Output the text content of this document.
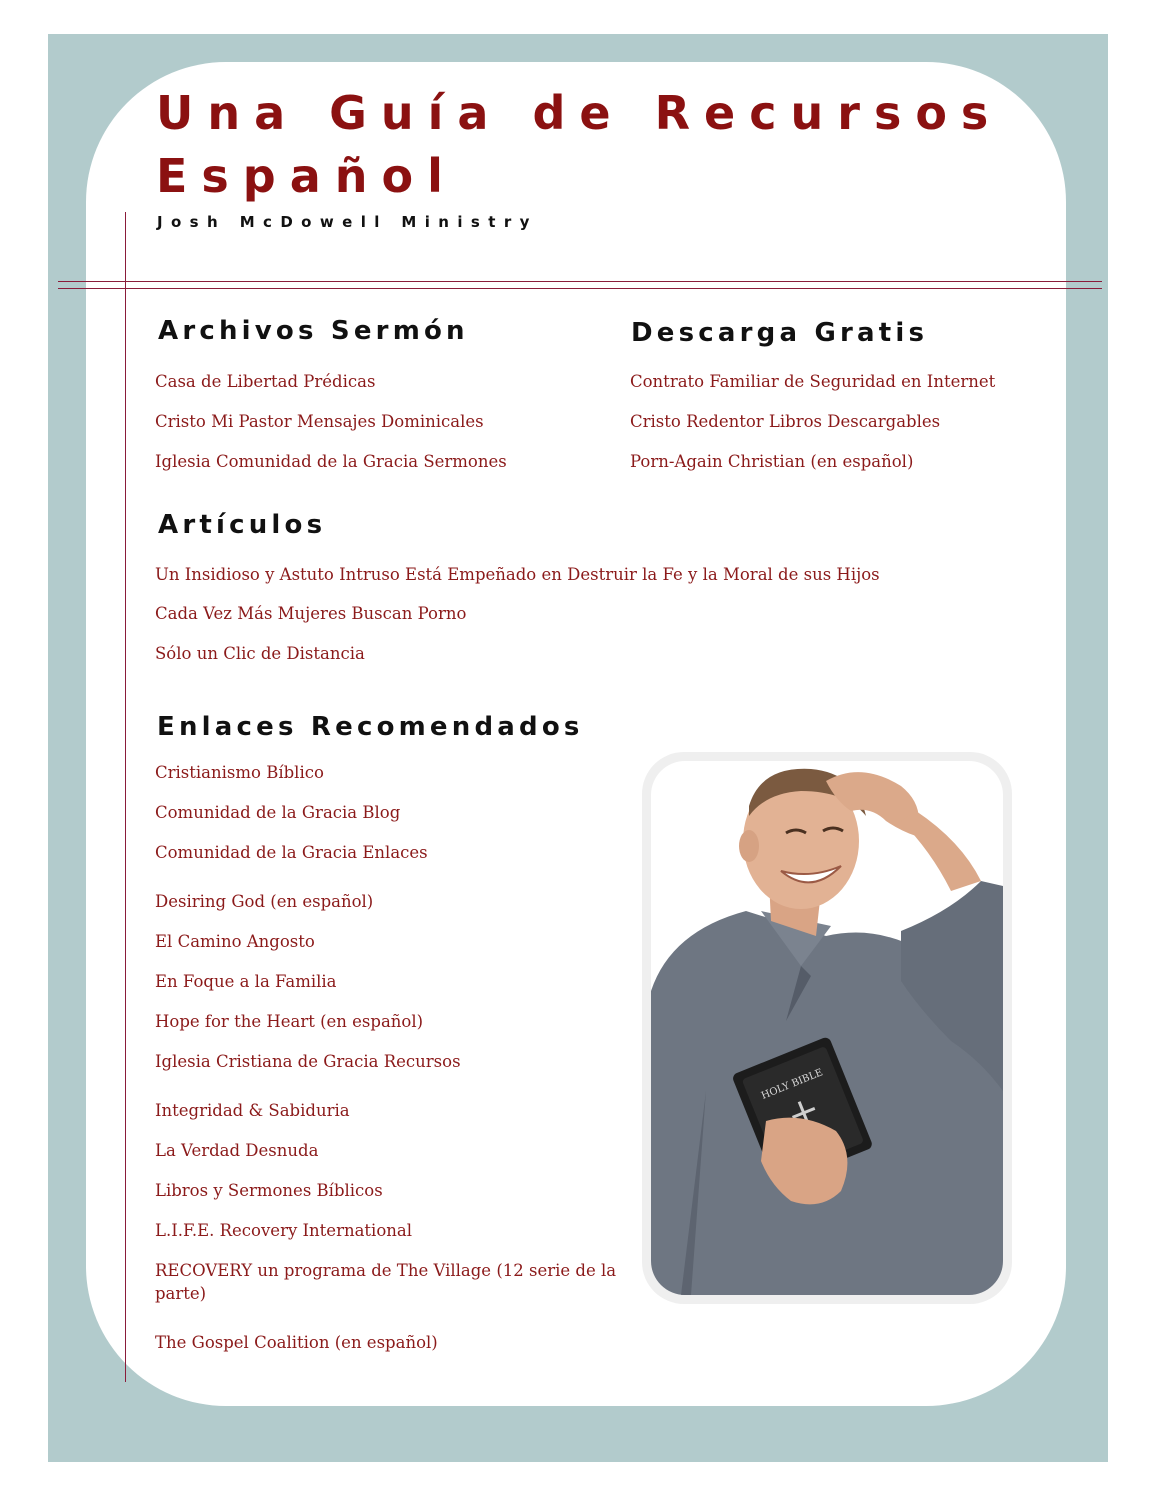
Una Guía de Recursos
Español
Josh McDowell Ministry
Archivos Sermón
Casa de Libertad Prédicas
Cristo Mi Pastor Mensajes Dominicales
Iglesia Comunidad de la Gracia Sermones
Descarga Gratis
Contrato Familiar de Seguridad en Internet
Cristo Redentor Libros Descargables
Porn-Again Christian (en español)
Artículos
Un Insidioso y Astuto Intruso Está Empeñado en Destruir la Fe y la Moral de sus Hijos
Cada Vez Más Mujeres Buscan Porno
Sólo un Clic de Distancia
Enlaces Recomendados
Cristianismo Bíblico
Comunidad de la Gracia Blog
Comunidad de la Gracia Enlaces
Desiring God (en español)
El Camino Angosto
En Foque a la Familia
Hope for the Heart (en español)
Iglesia Cristiana de Gracia Recursos
Integridad & Sabiduria
La Verdad Desnuda
Libros y Sermones Bíblicos
L.I.F.E. Recovery International
RECOVERY un programa de The Village (12 serie de la parte)
The Gospel Coalition (en español)
HOLY BIBLE
